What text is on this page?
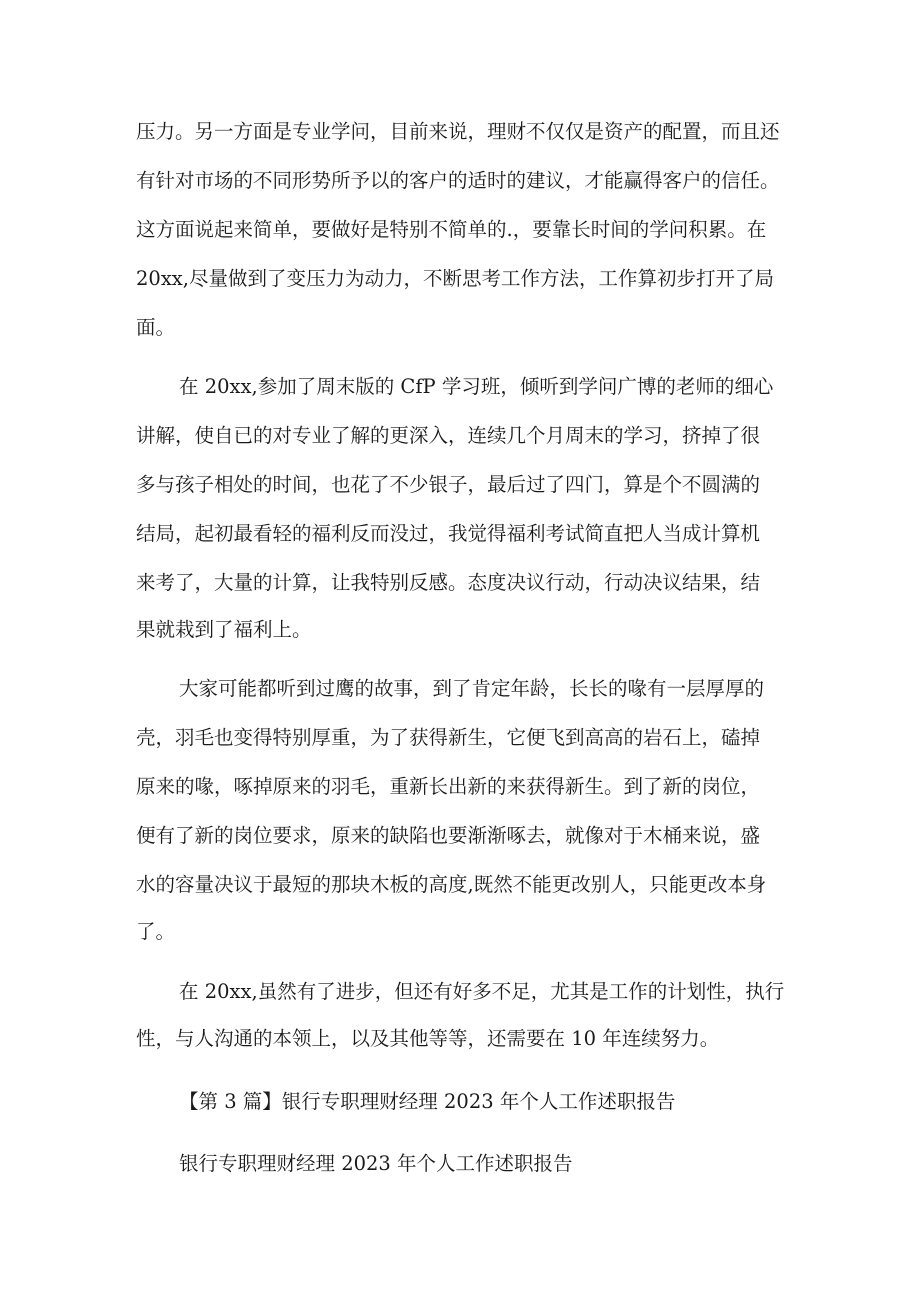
压力。另一方面是专业学问，目前来说，理财不仅仅是资产的配置，而且还

有针对市场的不同形势所予以的客户的适时的建议，才能赢得客户的信任。

这方面说起来简单，要做好是特别不简单的.，要靠长时间的学问积累。在

20xx,尽量做到了变压力为动力，不断思考工作方法，工作算初步打开了局

面。

在 20xx,参加了周末版的 CfP 学习班，倾听到学问广博的老师的细心

讲解，使自已的对专业了解的更深入，连续几个月周末的学习，挤掉了很

多与孩子相处的时间，也花了不少银子，最后过了四门，算是个不圆满的

结局，起初最看轻的福利反而没过，我觉得福利考试简直把人当成计算机

来考了，大量的计算，让我特别反感。态度决议行动，行动决议结果，结

果就栽到了福利上。

大家可能都听到过鹰的故事，到了肯定年龄，长长的喙有一层厚厚的

壳，羽毛也变得特别厚重，为了获得新生，它便飞到高高的岩石上，磕掉

原来的喙，啄掉原来的羽毛，重新长出新的来获得新生。到了新的岗位，

便有了新的岗位要求，原来的缺陷也要渐渐啄去，就像对于木桶来说，盛

水的容量决议于最短的那块木板的高度,既然不能更改别人，只能更改本身

了。

在 20xx,虽然有了进步，但还有好多不足，尤其是工作的计划性，执行

性，与人沟通的本领上，以及其他等等，还需要在 10 年连续努力。

【第 3 篇】银行专职理财经理 2023 年个人工作述职报告

银行专职理财经理 2023 年个人工作述职报告
